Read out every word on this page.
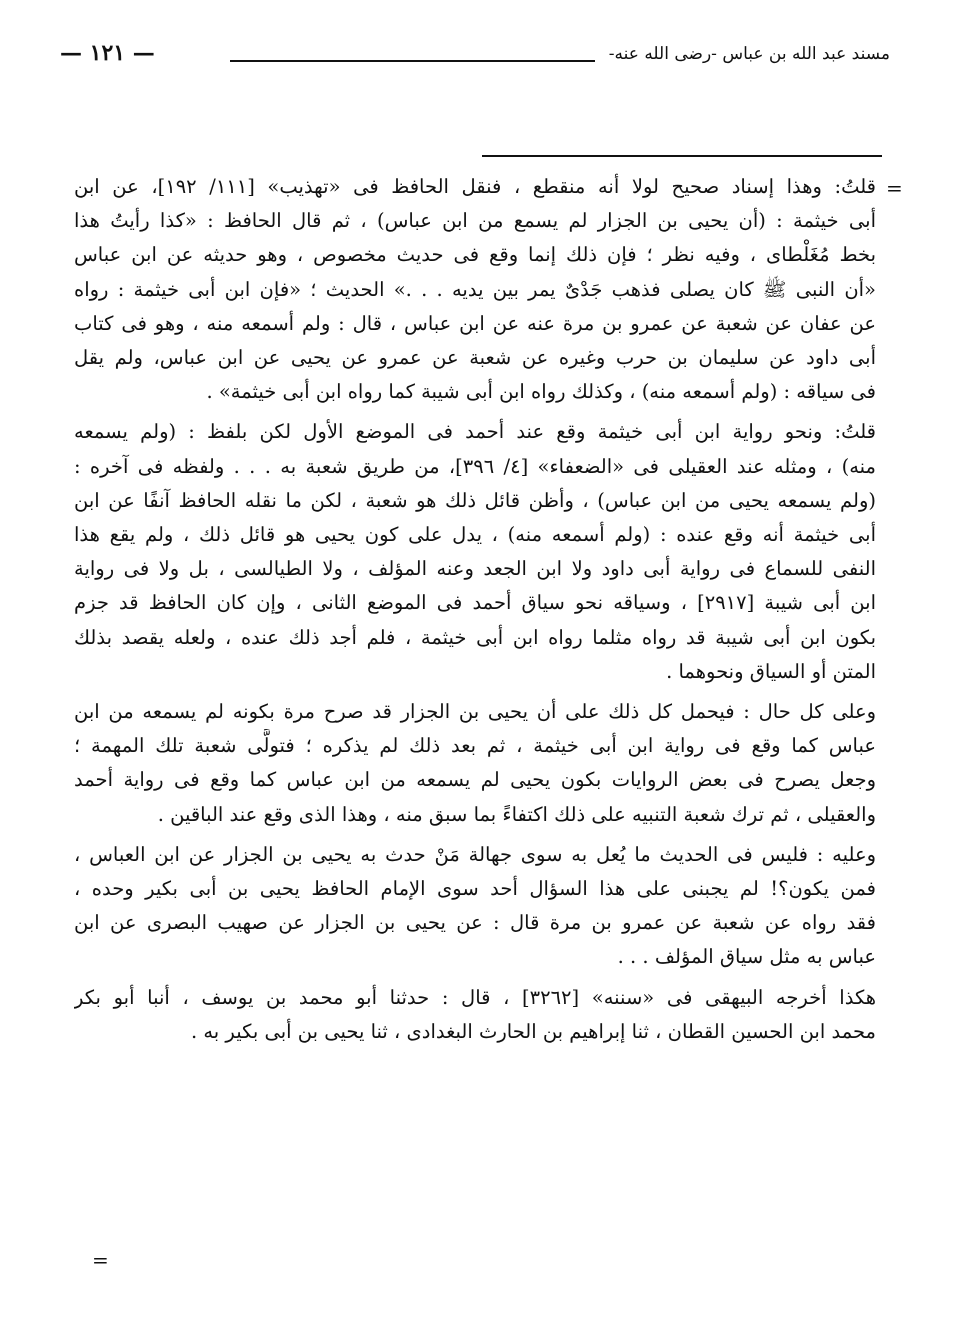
مسند عبد الله بن عباس -رضى الله عنه-
— ١٢١ —
=
قلتُ: وهذا إسناد صحيح لولا أنه منقطع ، فنقل الحافظ فى «تهذيب» [١١١/ ١٩٢]، عن ابن
أبى خيثمة : (أن يحيى بن الجزار لم يسمع من ابن عباس) ، ثم قال الحافظ : «كذا رأيتُ هذا
بخط مُغَلْطاى ، وفيه نظر ؛ فإن ذلك إنما وقع فى حديث مخصوص ، وهو حديثه عن ابن عباس
«أن النبى ﷺ كان يصلى فذهب جَدْىٌ يمر بين يديه . . .» الحديث ؛ «فإن ابن أبى خيثمة : رواه
عن عفان عن شعبة عن عمرو بن مرة عنه عن ابن عباس ، قال : ولم أسمعه منه ، وهو فى كتاب
أبى داود عن سليمان بن حرب وغيره عن شعبة عن عمرو عن يحيى عن ابن عباس، ولم يقل
فى سياقه : (ولم أسمعه منه) ، وكذلك رواه ابن أبى شيبة كما رواه ابن أبى خيثمة» .
قلتُ: ونحو رواية ابن أبى خيثمة وقع عند أحمد فى الموضع الأول لكن بلفظ : (ولم يسمعه
منه) ، ومثله عند العقيلى فى «الضعفاء» [٤/ ٣٩٦]، من طريق شعبة به . . . ولفظه فى آخره :
(ولم يسمعه يحيى من ابن عباس) ، وأظن قائل ذلك هو شعبة ، لكن ما نقله الحافظ آنفًا عن ابن
أبى خيثمة أنه وقع عنده : (ولم أسمعه منه) ، يدل على كون يحيى هو قائل ذلك ، ولم يقع هذا
النفى للسماع فى رواية أبى داود ولا ابن الجعد وعنه المؤلف ، ولا الطيالسى ، بل ولا فى رواية
ابن أبى شيبة [٢٩١٧] ، وسياقه نحو سياق أحمد فى الموضع الثانى ، وإن كان الحافظ قد جزم
بكون ابن أبى شيبة قد رواه مثلما رواه ابن أبى خيثمة ، فلم أجد ذلك عنده ، ولعله يقصد بذلك
المتن أو السياق ونحوهما .
وعلى كل حال : فيحمل كل ذلك على أن يحيى بن الجزار قد صرح مرة بكونه لم يسمعه من ابن
عباس كما وقع فى رواية ابن أبى خيثمة ، ثم بعد ذلك لم يذكره ؛ فتولَّى شعبة تلك المهمة ؛
وجعل يصرح فى بعض الروايات بكون يحيى لم يسمعه من ابن عباس كما وقع فى رواية أحمد
والعقيلى ، ثم ترك شعبة التنبيه على ذلك اكتفاءً بما سبق منه ، وهذا الذى وقع عند الباقين .
وعليه : فليس فى الحديث ما يُعل به سوى جهالة مَنْ حدث به يحيى بن الجزار عن ابن العباس ،
فمن يكون؟! لم يجبنى على هذا السؤال أحد سوى الإمام الحافظ يحيى بن أبى بكير وحده ،
فقد رواه عن شعبة عن عمرو بن مرة قال : عن يحيى بن الجزار عن صهيب البصرى عن ابن
عباس به مثل سياق المؤلف . . .
هكذا أخرجه البيهقى فى «سننه» [٣٢٦٢] ، قال : حدثنا أبو محمد بن يوسف ، أنبا أبو بكر
محمد ابن الحسين القطان ، ثنا إبراهيم بن الحارث البغدادى ، ثنا يحيى بن أبى بكير به .
=
